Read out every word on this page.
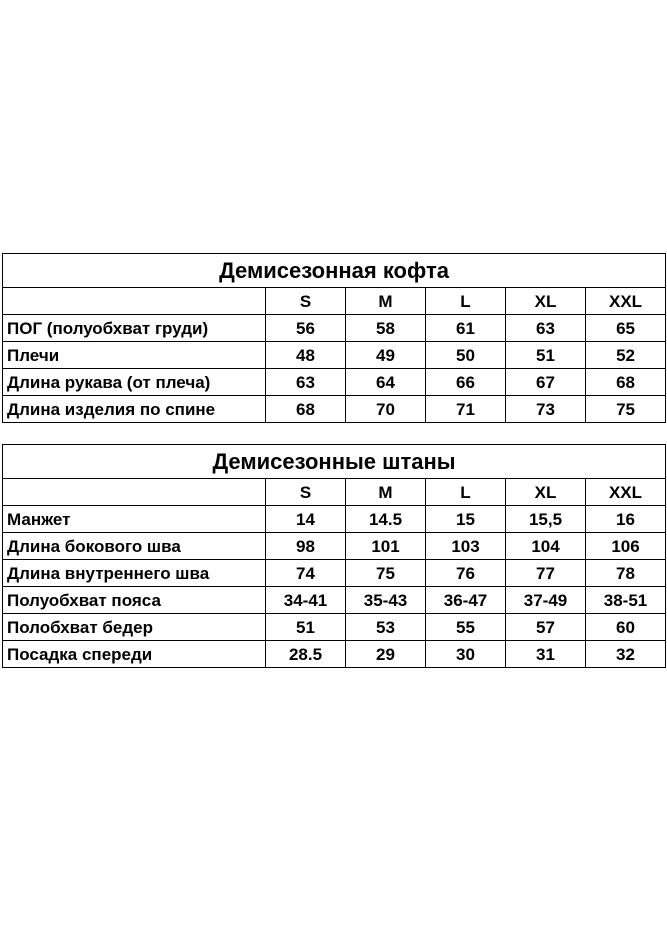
Демисезонная кофта					
	S	M	L	XL	XXL
ПОГ (полуобхват груди)	56	58	61	63	65
Плечи	48	49	50	51	52
Длина рукава (от плеча)	63	64	66	67	68
Длина изделия по спине	68	70	71	73	75
Демисезонные штаны					
	S	M	L	XL	XXL
Манжет	14	14.5	15	15,5	16
Длина бокового шва	98	101	103	104	106
Длина внутреннего шва	74	75	76	77	78
Полуобхват пояса	34-41	35-43	36-47	37-49	38-51
Полобхват бедер	51	53	55	57	60
Посадка спереди	28.5	29	30	31	32
